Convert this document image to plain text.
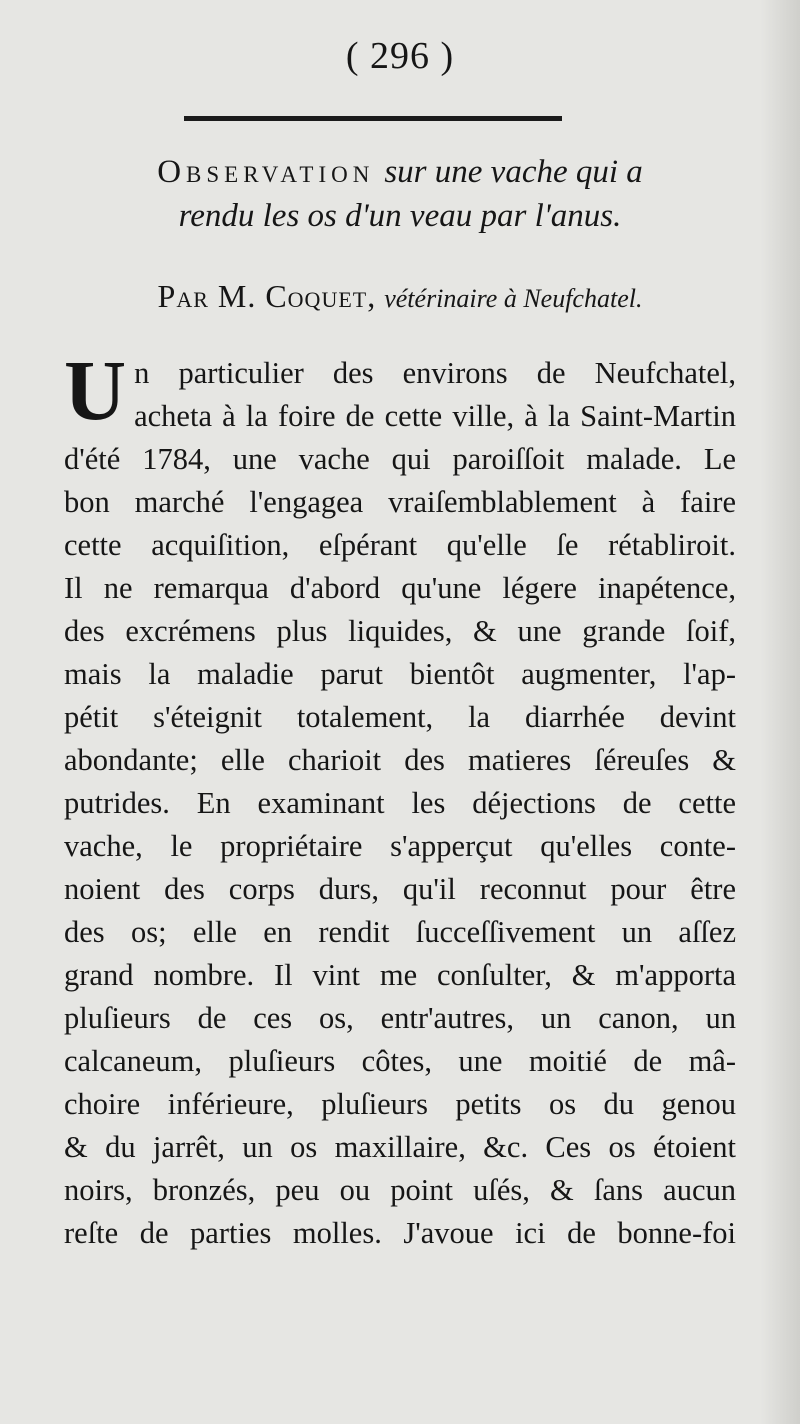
( 296 )
Observation sur une vache qui a
rendu les os d'un veau par l'anus.
Par M. Coquet, vétérinaire à Neufchatel.
U n particulier des environs de Neufchatel,
acheta à la foire de cette ville, à la Saint-Martin
d'été 1784, une vache qui paroiſſoit malade. Le
bon marché l'engagea vraiſemblablement à faire
cette acquiſition, eſpérant qu'elle ſe rétabliroit.
Il ne remarqua d'abord qu'une légere inapétence,
des excrémens plus liquides, & une grande ſoif,
mais la maladie parut bientôt augmenter, l'ap-
pétit s'éteignit totalement, la diarrhée devint
abondante; elle charioit des matieres ſéreuſes &
putrides. En examinant les déjections de cette
vache, le propriétaire s'apperçut qu'elles conte-
noient des corps durs, qu'il reconnut pour être
des os; elle en rendit ſucceſſivement un aſſez
grand nombre. Il vint me conſulter, & m'apporta
pluſieurs de ces os, entr'autres, un canon, un
calcaneum, pluſieurs côtes, une moitié de mâ-
choire inférieure, pluſieurs petits os du genou
& du jarrêt, un os maxillaire, &c. Ces os étoient
noirs, bronzés, peu ou point uſés, & ſans aucun
reſte de parties molles. J'avoue ici de bonne-foi
